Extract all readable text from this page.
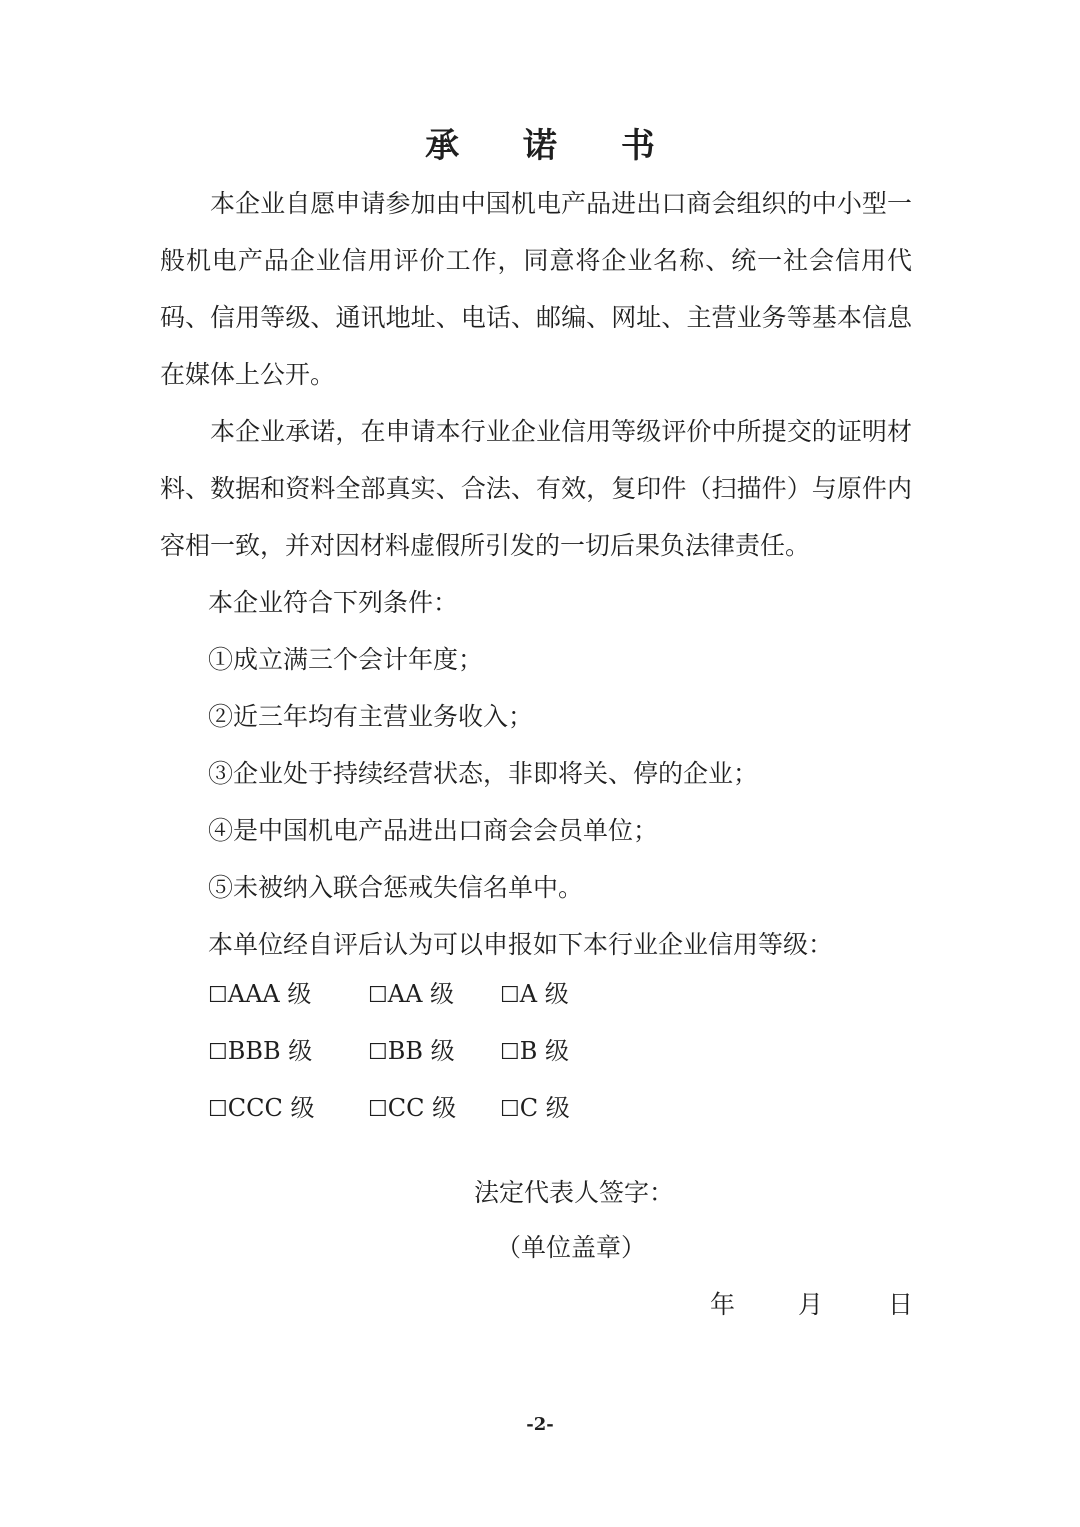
承 诺 书

本企业自愿申请参加由中国机电产品进出口商会组织的中小型一般机电产品企业信用评价工作，同意将企业名称、统一社会信用代码、信用等级、通讯地址、电话、邮编、网址、主营业务等基本信息在媒体上公开。

本企业承诺，在申请本行业企业信用等级评价中所提交的证明材料、数据和资料全部真实、合法、有效，复印件（扫描件）与原件内容相一致，并对因材料虚假所引发的一切后果负法律责任。

本企业符合下列条件：

①成立满三个会计年度；

②近三年均有主营业务收入；

③企业处于持续经营状态，非即将关、停的企业；

④是中国机电产品进出口商会会员单位；

⑤未被纳入联合惩戒失信名单中。

本单位经自评后认为可以申报如下本行业企业信用等级：

☐AAA 级	☐AA 级 ☐A 级
☐BBB 级	☐BB 级 ☐B 级
☐CCC 级 ☐CC 级 ☐C 级
法定代表人签字：
（单位盖章）
年	月	日
-2-
